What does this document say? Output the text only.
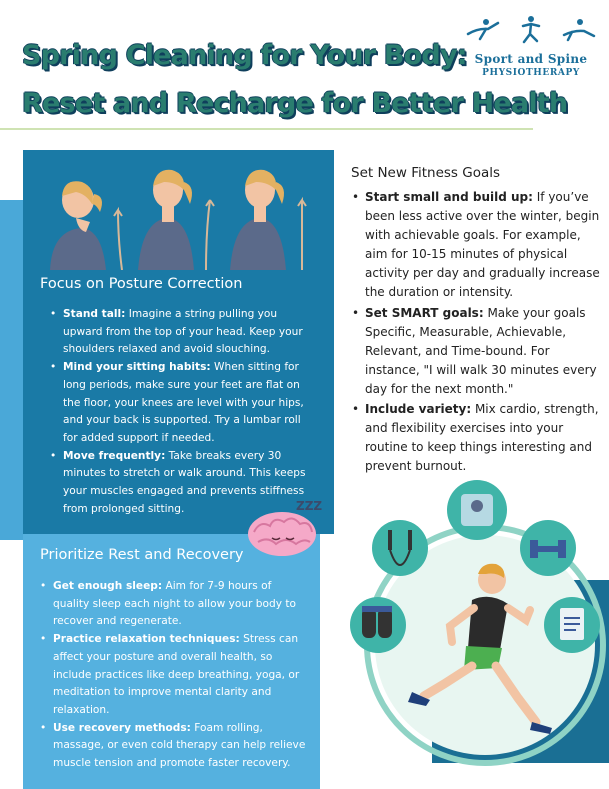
Spring Cleaning for Your Body:
Reset and Recharge for Better Health
Sport and Spine
PHYSIOTHERAPY
Focus on Posture Correction
• Stand tall: Imagine a string pulling you upward from the top of your head. Keep your shoulders relaxed and avoid slouching.
• Mind your sitting habits: When sitting for long periods, make sure your feet are flat on the floor, your knees are level with your hips, and your back is supported. Try a lumbar roll for added support if needed.
• Move frequently: Take breaks every 30 minutes to stretch or walk around. This keeps your muscles engaged and prevents stiffness from prolonged sitting.	ZZZ
Prioritize Rest and Recovery
• Get enough sleep: Aim for 7-9 hours of quality sleep each night to allow your body to recover and regenerate.
• Practice relaxation techniques: Stress can affect your posture and overall health, so include practices like deep breathing, yoga, or meditation to improve mental clarity and relaxation.
• Use recovery methods: Foam rolling, massage, or even cold therapy can help relieve muscle tension and promote faster recovery.
Set New Fitness Goals
• Start small and build up: If you’ve been less active over the winter, begin with achievable goals. For example, aim for 10-15 minutes of physical activity per day and gradually increase the duration or intensity.
• Set SMART goals: Make your goals Specific, Measurable, Achievable, Relevant, and Time-bound. For instance, "I will walk 30 minutes every day for the next month."
• Include variety: Mix cardio, strength, and flexibility exercises into your routine to keep things interesting and prevent burnout.
